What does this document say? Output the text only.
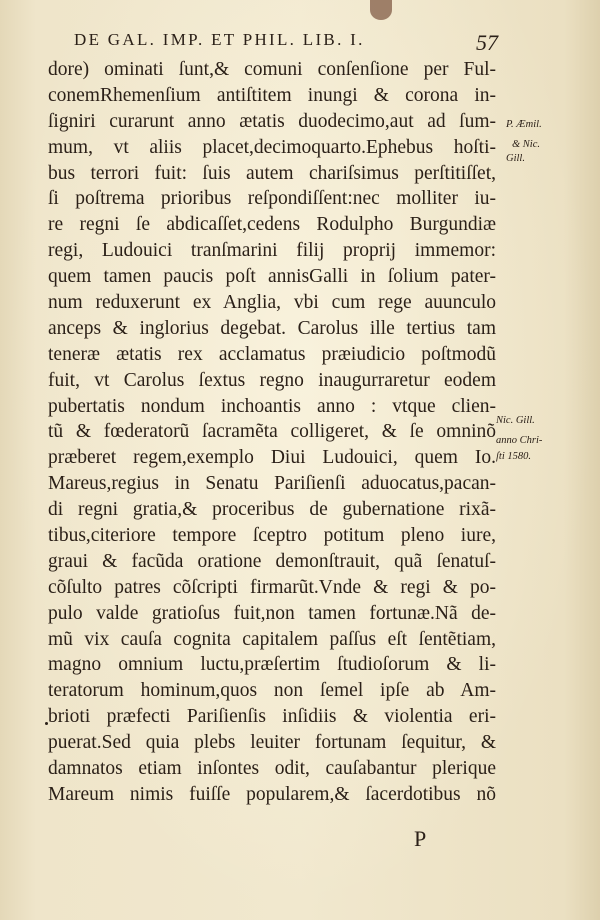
DE GAL. IMP. ET PHIL. LIB. I.	57
dore) ominati ſunt,& comuni conſenſione per Ful-
conemRhemenſium antiſtitem inungi & corona in-
ſigniri curarunt anno ætatis duodecimo,aut ad ſum-
mum, vt aliis placet,decimoquarto.Ephebus hoſti-
bus terrori fuit: ſuis autem chariſsimus perſtitiſſet,
ſi poſtrema prioribus reſpondiſſent:nec molliter iu-
re regni ſe abdicaſſet,cedens Rodulpho Burgundiæ
regi, Ludouici tranſmarini filij proprij immemor:
quem tamen paucis poſt annisGalli in ſolium pater-
num reduxerunt ex Anglia, vbi cum rege auunculo
anceps & inglorius degebat. Carolus ille tertius tam
teneræ ætatis rex acclamatus præiudicio poſtmodũ
fuit, vt Carolus ſextus regno inaugurraretur eodem
pubertatis nondum inchoantis anno : vtque clien-
tũ & fœderatorũ ſacramẽta colligeret, & ſe omninõ
præberet regem,exemplo Diui Ludouici, quem Io.
Mareus,regius in Senatu Pariſienſi aduocatus,pacan-
di regni gratia,& proceribus de gubernatione rixã-
tibus,citeriore tempore ſceptro potitum pleno iure,
graui & facũda oratione demonſtrauit, quã ſenatuſ-
cõſulto patres cõſcripti firmarũt.Vnde & regi & po-
pulo valde gratioſus fuit,non tamen fortunæ.Nã de-
mũ vix cauſa cognita capitalem paſſus eſt ſentẽtiam,
magno omnium luctu,præſertim ſtudioſorum & li-
teratorum hominum,quos non ſemel ipſe ab Am-
brioti præfecti Pariſienſis inſidiis & violentia eri-
puerat.Sed quia plebs leuiter fortunam ſequitur, &
damnatos etiam inſontes odit, cauſabantur plerique
Mareum nimis fuiſſe popularem,& ſacerdotibus nõ
P. Æmil.
& Nic.
Gill.
Nic. Gill.
anno Chri-
ſti 1580.
P
